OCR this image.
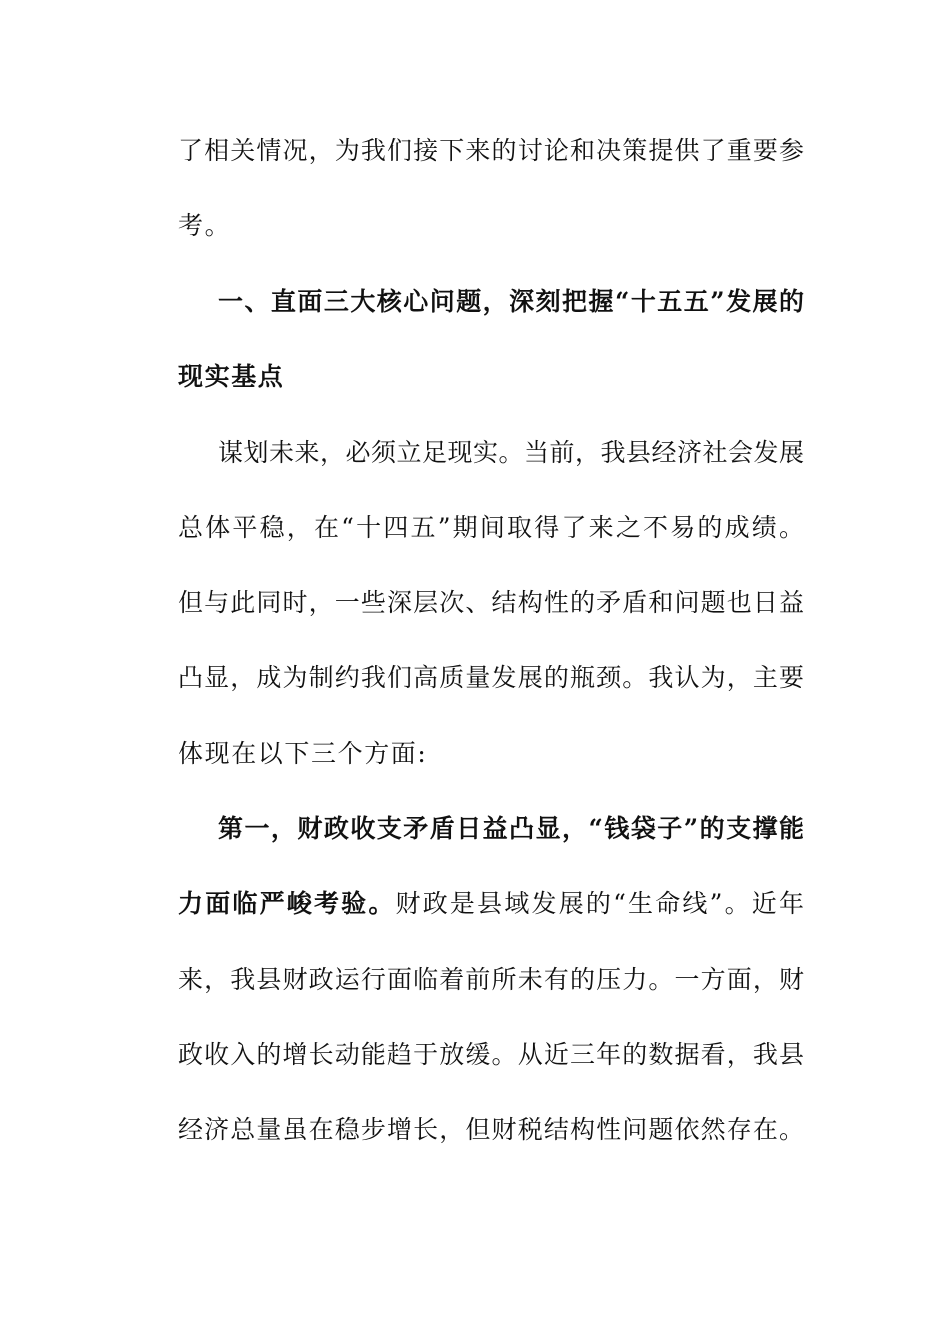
了相关情况，为我们接下来的讨论和决策提供了重要参
考。
一、直面三大核心问题，深刻把握“十五五”发展的
现实基点
谋划未来，必须立足现实。当前，我县经济社会发展
总体平稳，在“十四五”期间取得了来之不易的成绩。
但与此同时，一些深层次、结构性的矛盾和问题也日益
凸显，成为制约我们高质量发展的瓶颈。我认为，主要
体现在以下三个方面:
第一，财政收支矛盾日益凸显，“钱袋子”的支撑能
力面临严峻考验。财政是县域发展的“生命线”。近年
来，我县财政运行面临着前所未有的压力。一方面，财
政收入的增长动能趋于放缓。从近三年的数据看，我县
经济总量虽在稳步增长，但财税结构性问题依然存在。
